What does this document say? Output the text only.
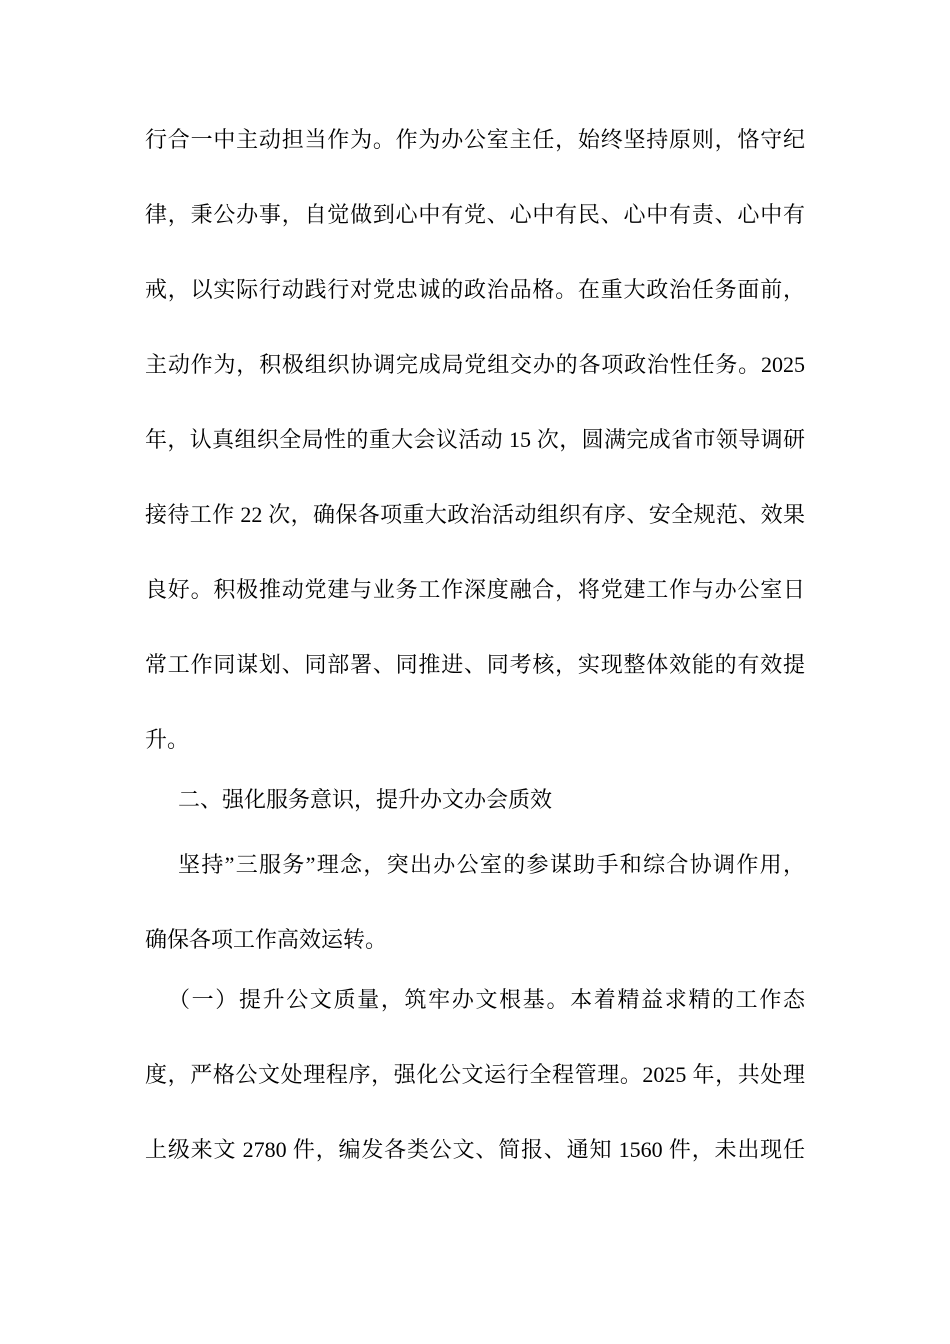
行合一中主动担当作为。作为办公室主任，始终坚持原则，恪守纪
律，秉公办事，自觉做到心中有党、心中有民、心中有责、心中有
戒，以实际行动践行对党忠诚的政治品格。在重大政治任务面前，
主动作为，积极组织协调完成局党组交办的各项政治性任务。2025
年，认真组织全局性的重大会议活动 15 次，圆满完成省市领导调研
接待工作 22 次，确保各项重大政治活动组织有序、安全规范、效果
良好。积极推动党建与业务工作深度融合，将党建工作与办公室日
常工作同谋划、同部署、同推进、同考核，实现整体效能的有效提
升。
二、强化服务意识，提升办文办会质效
坚持”三服务”理念，突出办公室的参谋助手和综合协调作用，
确保各项工作高效运转。
（一）提升公文质量，筑牢办文根基。本着精益求精的工作态
度，严格公文处理程序，强化公文运行全程管理。2025 年，共处理
上级来文 2780 件，编发各类公文、简报、通知 1560 件，未出现任
